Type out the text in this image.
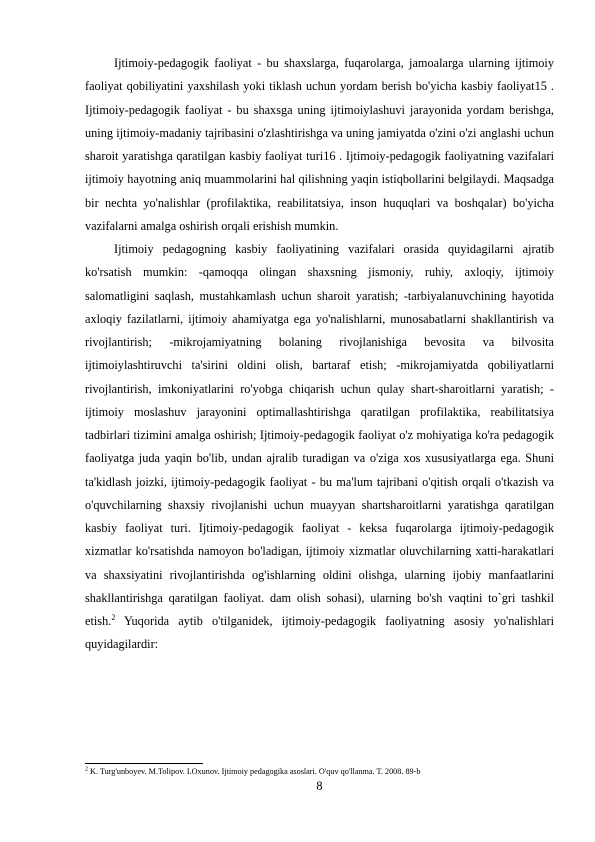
Ijtimoiy-pedagogik faoliyat - bu shaxslarga, fuqarolarga, jamoalarga ularning ijtimoiy faoliyat qobiliyatini yaxshilash yoki tiklash uchun yordam berish bo'yicha kasbiy faoliyat15 . Ijtimoiy-pedagogik faoliyat - bu shaxsga uning ijtimoiylashuvi jarayonida yordam berishga, uning ijtimoiy-madaniy tajribasini o'zlashtirishga va uning jamiyatda o'zini o'zi anglashi uchun sharoit yaratishga qaratilgan kasbiy faoliyat turi16 . Ijtimoiy-pedagogik faoliyatning vazifalari ijtimoiy hayotning aniq muammolarini hal qilishning yaqin istiqbollarini belgilaydi. Maqsadga bir nechta yo'nalishlar (profilaktika, reabilitatsiya, inson huquqlari va boshqalar) bo'yicha vazifalarni amalga oshirish orqali erishish mumkin.

Ijtimoiy pedagogning kasbiy faoliyatining vazifalari orasida quyidagilarni ajratib ko'rsatish mumkin: -qamoqqa olingan shaxsning jismoniy, ruhiy, axloqiy, ijtimoiy salomatligini saqlash, mustahkamlash uchun sharoit yaratish; -tarbiyalanuvchining hayotida axloqiy fazilatlarni, ijtimoiy ahamiyatga ega yo'nalishlarni, munosabatlarni shakllantirish va rivojlantirish; -mikrojamiyatning bolaning rivojlanishiga bevosita va bilvosita ijtimoiylashtiruvchi ta'sirini oldini olish, bartaraf etish; -mikrojamiyatda qobiliyatlarni rivojlantirish, imkoniyatlarini ro'yobga chiqarish uchun qulay shart-sharoitlarni yaratish; - ijtimoiy moslashuv jarayonini optimallashtirishga qaratilgan profilaktika, reabilitatsiya tadbirlari tizimini amalga oshirish; Ijtimoiy-pedagogik faoliyat o'z mohiyatiga ko'ra pedagogik faoliyatga juda yaqin bo'lib, undan ajralib turadigan va o'ziga xos xususiyatlarga ega. Shuni ta'kidlash joizki, ijtimoiy-pedagogik faoliyat - bu ma'lum tajribani o'qitish orqali o'tkazish va o'quvchilarning shaxsiy rivojlanishi uchun muayyan shartsharoitlarni yaratishga qaratilgan kasbiy faoliyat turi. Ijtimoiy-pedagogik faoliyat - keksa fuqarolarga ijtimoiy-pedagogik xizmatlar ko'rsatishda namoyon bo'ladigan, ijtimoiy xizmatlar oluvchilarning xatti-harakatlari va shaxsiyatini rivojlantirishda og'ishlarning oldini olishga, ularning ijobiy manfaatlarini shakllantirishga qaratilgan faoliyat. dam olish sohasi), ularning bo'sh vaqtini to`gri tashkil etish.$^2$ Yuqorida aytib o'tilganidek, ijtimoiy-pedagogik faoliyatning asosiy yo'nalishlari quyidagilardir:

$^2$ K. Turg'unboyev. M.Tolipov. I.Oxunov. Ijtimoiy pedagogika asoslari. O'quv qo'llanma. T. 2008. 89-b
8
